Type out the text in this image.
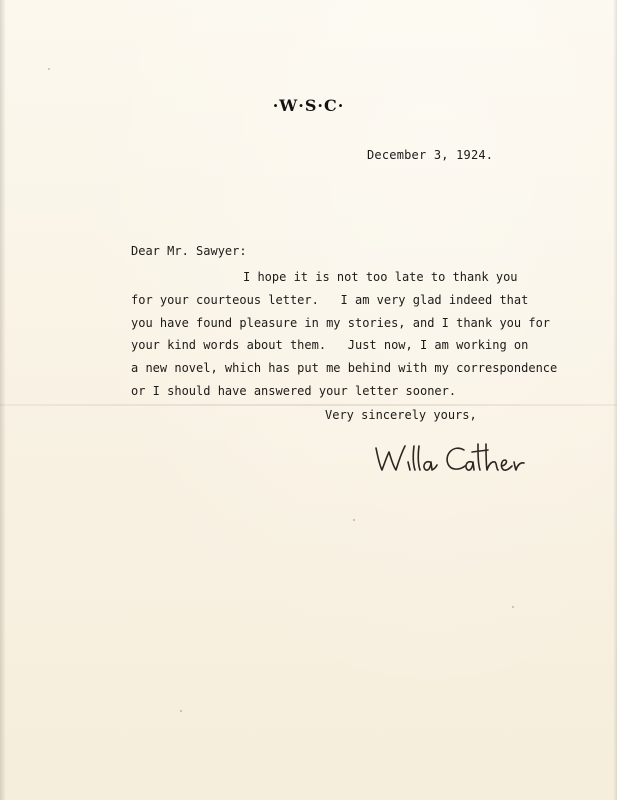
·W·S·C·
December 3, 1924.
Dear Mr. Sawyer:
I hope it is not too late to thank you
for your courteous letter.   I am very glad indeed that
you have found pleasure in my stories, and I thank you for
your kind words about them.   Just now, I am working on
a new novel, which has put me behind with my correspondence
or I should have answered your letter sooner.
Very sincerely yours,
